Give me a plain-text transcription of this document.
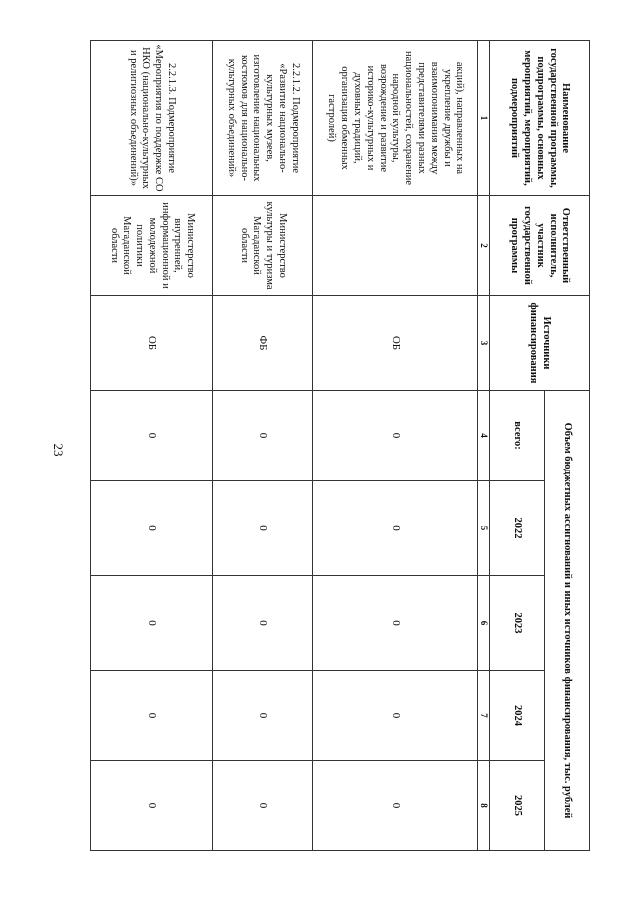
23
Наименование государственной программы, подпрограммы, основных мероприятий, мероприятий, подмероприятий	Ответственный исполнитель, участник государственной программы	Источники финансирования	Объем бюджетных ассигнований и иных источников финансирования, тыс. рублей				
			всего:	2022	2023	2024	2025
1	2	3	4	5	6	7	8
акций), направленных на укрепление дружбы и взаимопонимания между представителями разных национальностей, сохранение народной культуры, возрождение и развитие историко-культурных и духовных традиций, организация обменных гастролей)		ОБ	0	0	0	0	0
2.2.1.2. Подмероприятие «Развитие национально-культурных музеев, изготовление национальных костюмов для национально-культурных объединений»	Министерство культуры и туризма Магаданской области	ФБ	0	0	0	0	0
2.2.1.3. Подмероприятие «Мероприятия по поддержке СО НКО (национально-культурных и религиозных объединений)»	Министерство внутренней, информационной и молодежной политики Магаданской области	ОБ	0	0	0	0	0
